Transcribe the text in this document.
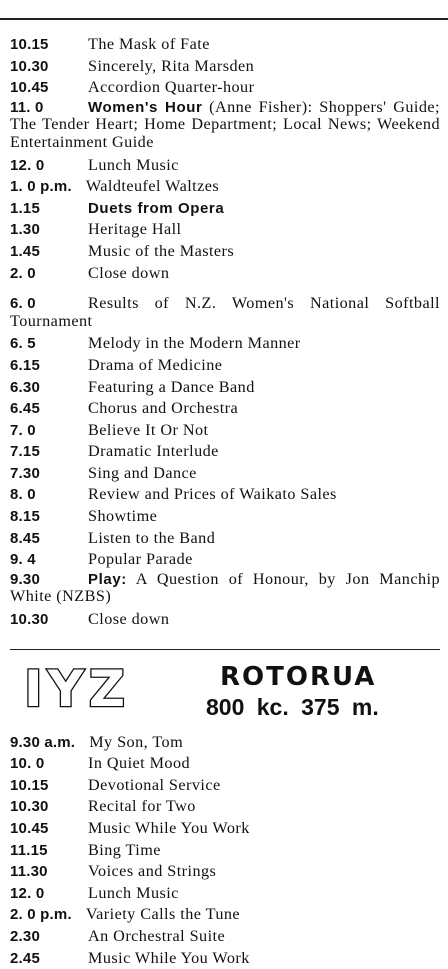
10.15 The Mask of Fate
10.30 Sincerely, Rita Marsden
10.45 Accordion Quarter-hour
11. 0	Women's Hour (Anne Fisher): Shoppers' Guide; The Tender Heart; Home Department; Local News; Weekend Entertainment Guide
12. 0	Lunch Music
1. 0 p.m. Waldteufel Waltzes
1.15	Duets from Opera
1.30	Heritage Hall
1.45	Music of the Masters
2. 0	Close down
6. 0	Results of N.Z. Women's National Softball Tournament
6. 5	Melody in the Modern Manner
6.15	Drama of Medicine
6.30	Featuring a Dance Band
6.45	Chorus and Orchestra
7. 0	Believe It Or Not
7.15	Dramatic Interlude
7.30	Sing and Dance
8. 0	Review and Prices of Waikato Sales
8.15	Showtime
8.45	Listen to the Band
9. 4	Popular Parade
9.30	Play: A Question of Honour, by Jon Manchip White (NZBS)
10.30 Close down
IYZ	ROTORUA
800 kc. 375 m.
9.30 a.m. My Son, Tom
10. 0	In Quiet Mood
10.15 Devotional Service
10.30 Recital for Two
10.45 Music While You Work
11.15 Bing Time
11.30 Voices and Strings
12. 0	Lunch Music
2. 0 p.m. Variety Calls the Tune
2.30	An Orchestral Suite
2.45	Music While You Work
